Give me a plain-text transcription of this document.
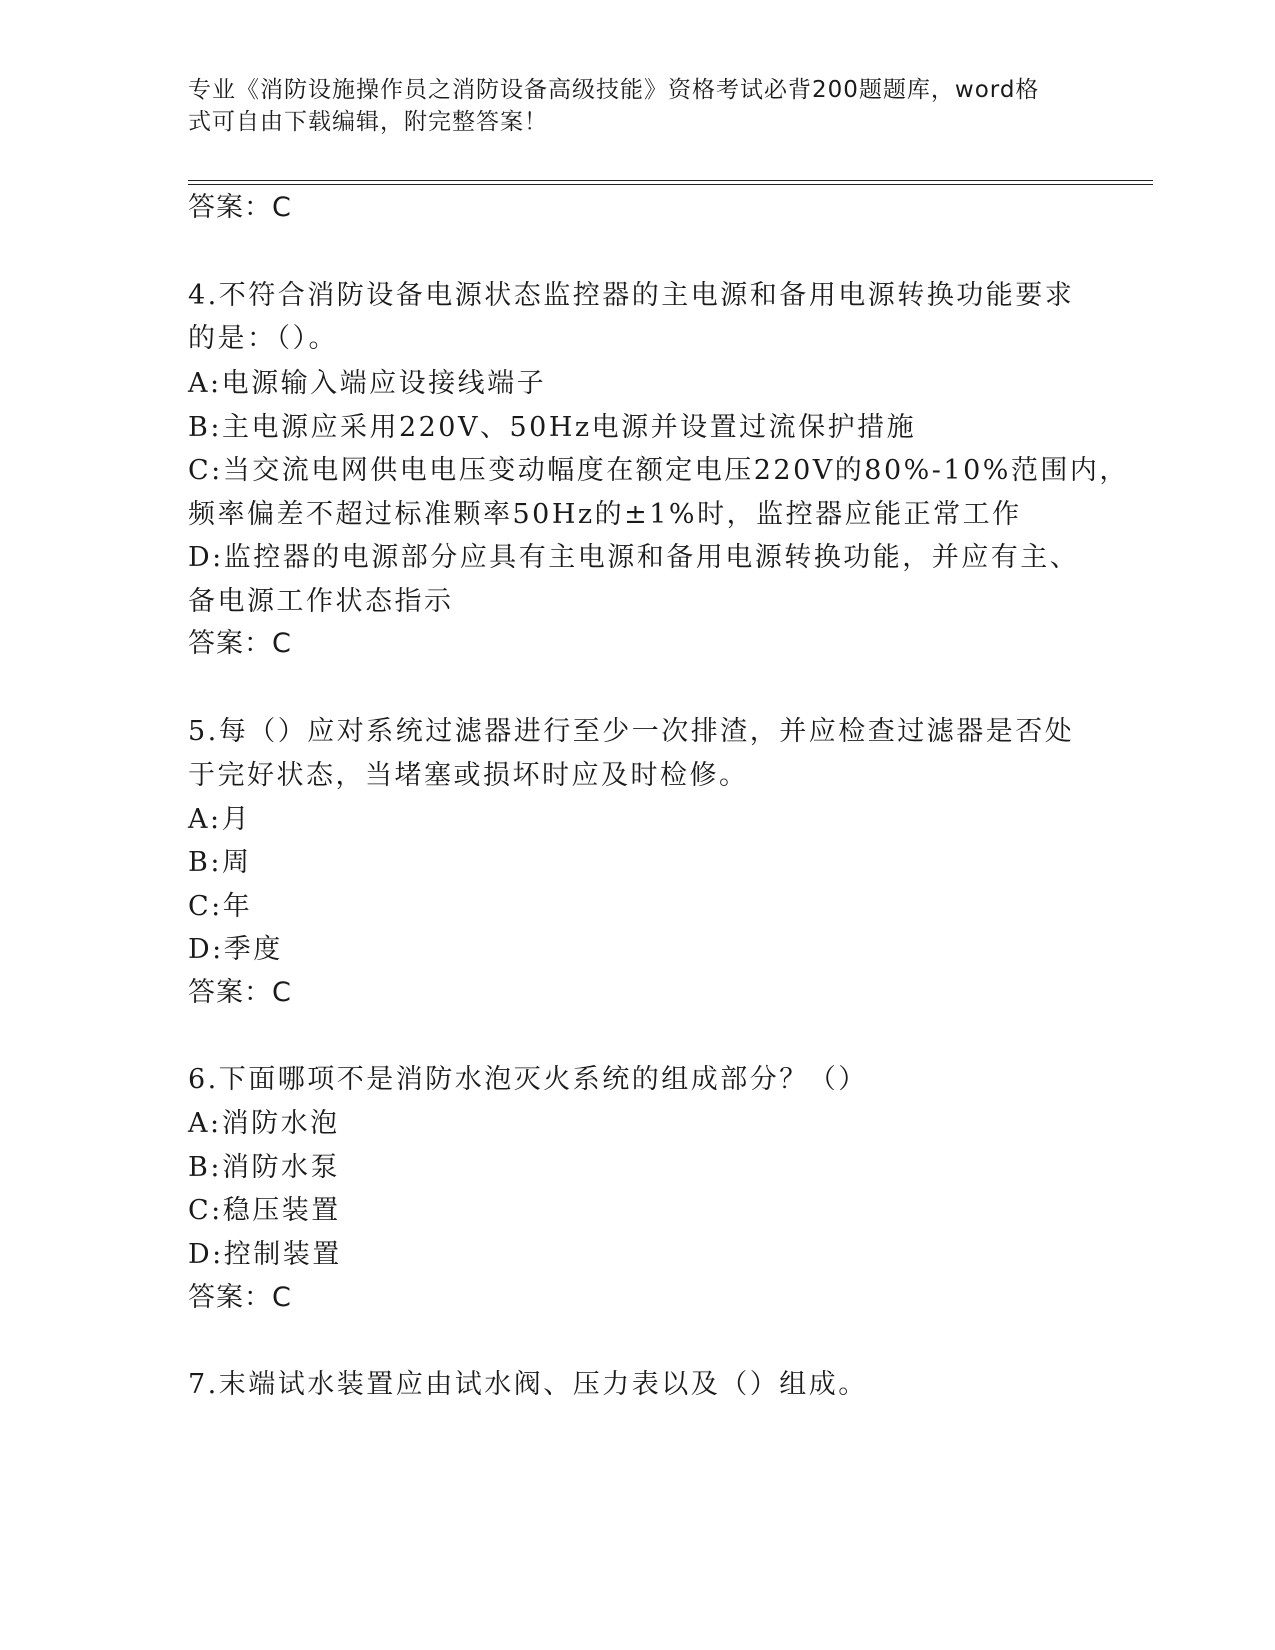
专业《消防设施操作员之消防设备高级技能》资格考试必背200题题库，word格
式可自由下载编辑，附完整答案！
答案：C
4.不符合消防设备电源状态监控器的主电源和备用电源转换功能要求
的是：（）。
A:电源输入端应设接线端子
B:主电源应采用220V、50Hz电源并设置过流保护措施
C:当交流电网供电电压变动幅度在额定电压220V的80%-10%范围内，
频率偏差不超过标准颗率50Hz的±1%时，监控器应能正常工作
D:监控器的电源部分应具有主电源和备用电源转换功能，并应有主、
备电源工作状态指示
答案：C
5.每（）应对系统过滤器进行至少一次排渣，并应检查过滤器是否处
于完好状态，当堵塞或损坏时应及时检修。
A:月
B:周
C:年
D:季度
答案：C
6.下面哪项不是消防水泡灭火系统的组成部分？（）
A:消防水泡
B:消防水泵
C:稳压装置
D:控制装置
答案：C
7.末端试水装置应由试水阀、压力表以及（）组成。
